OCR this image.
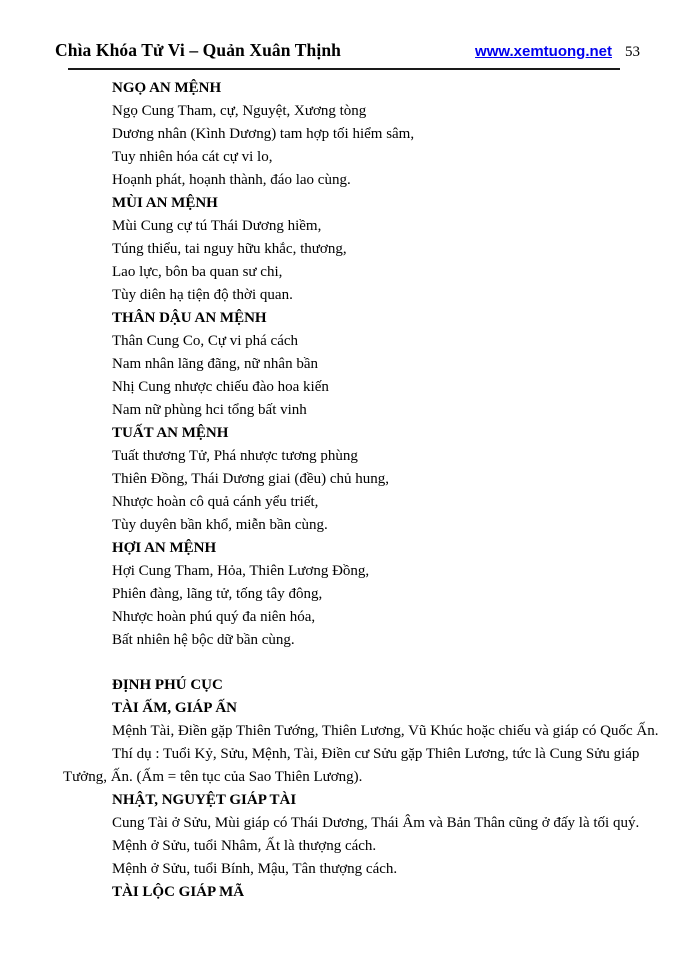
Chìa Khóa Tử Vi – Quản Xuân Thịnh	www.xemtuong.net 53
NGỌ AN MỆNH
Ngọ Cung Tham, cự, Nguyệt, Xương tòng
Dương nhân (Kình Dương) tam hợp tối hiểm sâm,
Tuy nhiên hóa cát cự vi lo,
Hoạnh phát, hoạnh thành, đáo lao cùng.
MÙI AN MỆNH
Mùi Cung cự tú Thái Dương hiềm,
Túng thiểu, tai nguy hữu khắc, thương,
Lao lực, bôn ba quan sư chi,
Tùy diên hạ tiện độ thời quan.
THÂN DẬU AN MỆNH
Thân Cung Co, Cự vi phá cách
Nam nhân lãng đãng, nữ nhân bần
Nhị Cung nhược chiếu đào hoa kiến
Nam nữ phùng hci tổng bất vinh
TUẤT AN MỆNH
Tuất thương Tử, Phá nhược tương phùng
Thiên Đồng, Thái Dương giai (đều) chủ hung,
Nhược hoàn cô quả cánh yểu triết,
Tùy duyên bần khổ, miễn bần cùng.
HỢI AN MỆNH
Hợi Cung Tham, Hỏa, Thiên Lương Đồng,
Phiên đàng, lãng tử, tống tây đông,
Nhược hoàn phú quý đa niên hóa,
Bất nhiên hệ bộc dữ bần cùng.
ĐỊNH PHÚ CỤC
TÀI ẤM, GIÁP ẤN
Mệnh Tài, Điền gặp Thiên Tướng, Thiên Lương, Vũ Khúc hoặc chiếu và giáp có Quốc Ấn.
Thí dụ : Tuổi Kỷ, Sửu, Mệnh, Tài, Điền cư Sửu gặp Thiên Lương, tức là Cung Sửu giáp
Tưởng, Ấn. (Ấm = tên tục của Sao Thiên Lương).
NHẬT, NGUYỆT GIÁP TÀI
Cung Tài ở Sửu, Mùi giáp có Thái Dương, Thái Âm và Bản Thân cũng ở đấy là tối quý.
Mệnh ở Sửu, tuổi Nhâm, Ất là thượng cách.
Mệnh ở Sửu, tuổi Bính, Mậu, Tân thượng cách.
TÀI LỘC GIÁP MÃ
